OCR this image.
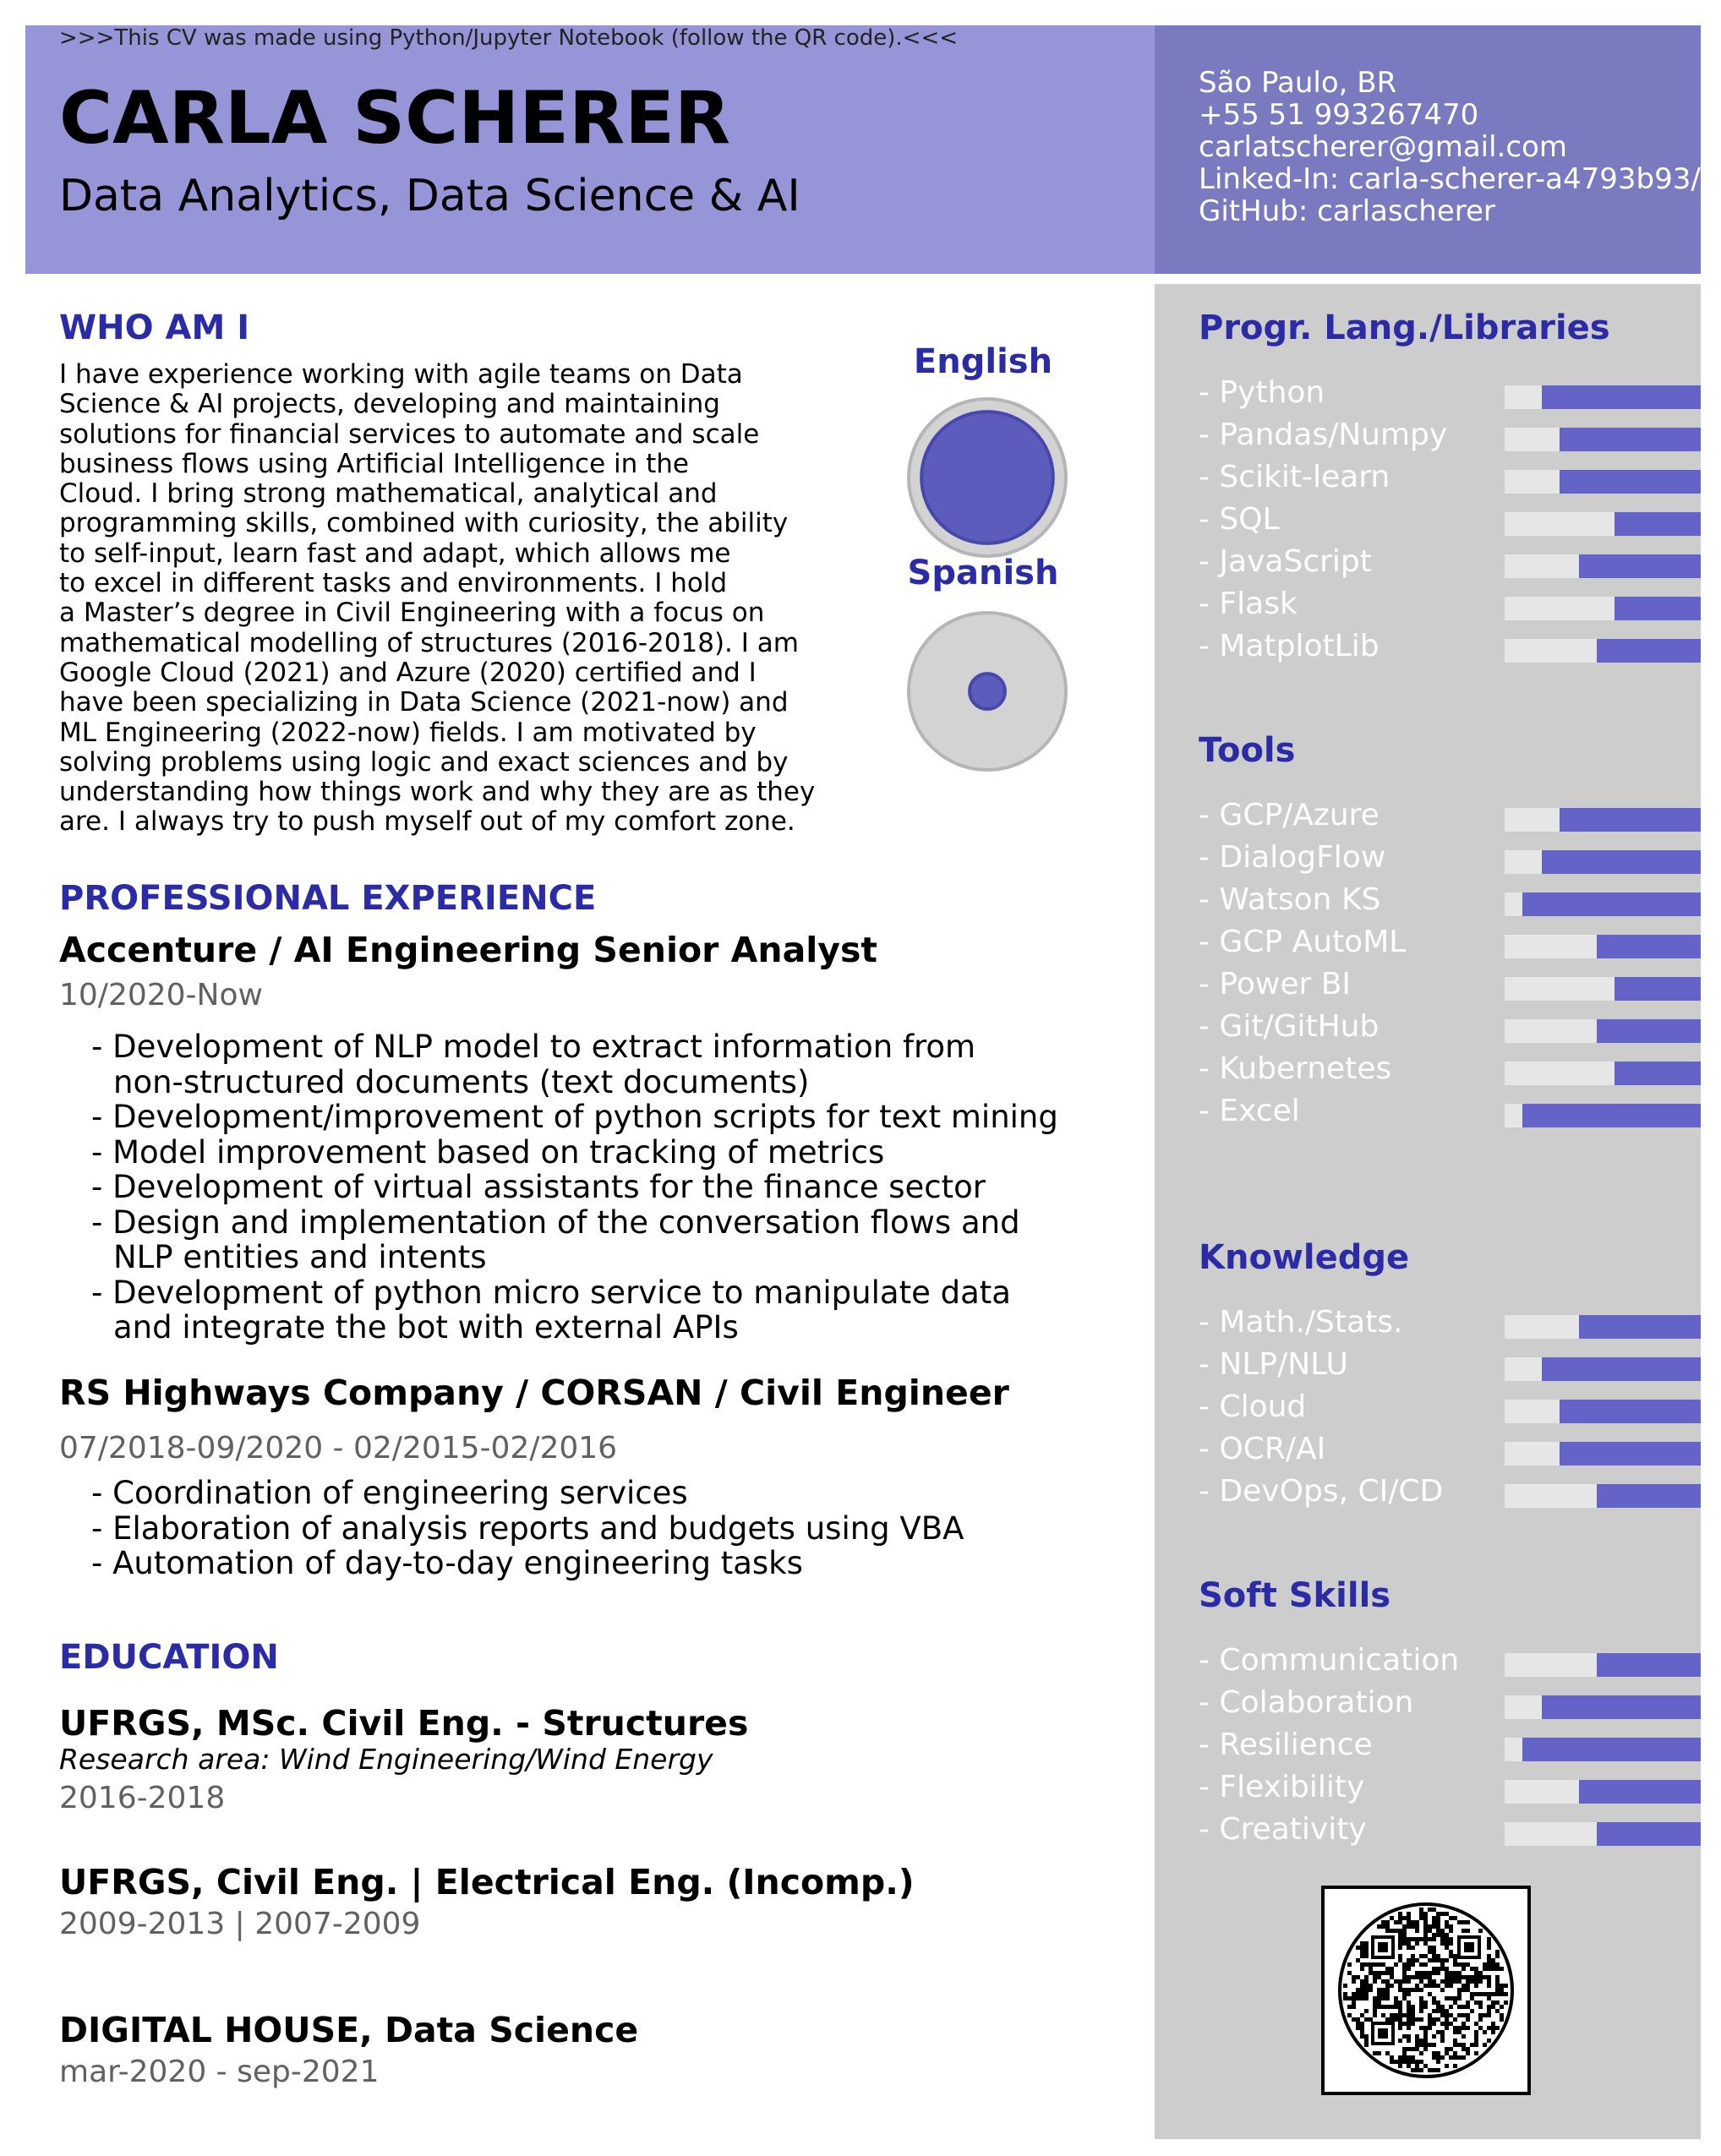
>>>This CV was made using Python/Jupyter Notebook (follow the QR code).<<<
CARLA SCHERER
Data Analytics, Data Science & AI
São Paulo, BR
+55 51 993267470
carlatscherer@gmail.com
Linked-In: carla-scherer-a4793b93/
GitHub: carlascherer
WHO AM I
I have experience working with agile teams on Data
Science & AI projects, developing and maintaining
solutions for financial services to automate and scale
business flows using Artificial Intelligence in the
Cloud. I bring strong mathematical, analytical and
programming skills, combined with curiosity, the ability
to self-input, learn fast and adapt, which allows me
to excel in different tasks and environments. I hold
a Master’s degree in Civil Engineering with a focus on
mathematical modelling of structures (2016-2018). I am
Google Cloud (2021) and Azure (2020) certified and I
have been specializing in Data Science (2021-now) and
ML Engineering (2022-now) fields. I am motivated by
solving problems using logic and exact sciences and by
understanding how things work and why they are as they
are. I always try to push myself out of my comfort zone.
English
Spanish
PROFESSIONAL EXPERIENCE
Accenture / AI Engineering Senior Analyst
10/2020-Now
- Development of NLP model to extract information from
non-structured documents (text documents)
- Development/improvement of python scripts for text mining
- Model improvement based on tracking of metrics
- Development of virtual assistants for the finance sector
- Design and implementation of the conversation flows and
NLP entities and intents
- Development of python micro service to manipulate data
and integrate the bot with external APIs
RS Highways Company / CORSAN / Civil Engineer
07/2018-09/2020 - 02/2015-02/2016
- Coordination of engineering services
- Elaboration of analysis reports and budgets using VBA
- Automation of day-to-day engineering tasks
EDUCATION
UFRGS, MSc. Civil Eng. - Structures
Research area: Wind Engineering/Wind Energy
2016-2018
UFRGS, Civil Eng. | Electrical Eng. (Incomp.)
2009-2013 | 2007-2009
DIGITAL HOUSE, Data Science
mar-2020 - sep-2021
Progr. Lang./Libraries
- Python
- Pandas/Numpy
- Scikit-learn
- SQL
- JavaScript
- Flask
- MatplotLib
Tools
- GCP/Azure
- DialogFlow
- Watson KS
- GCP AutoML
- Power BI
- Git/GitHub
- Kubernetes
- Excel
Knowledge
- Math./Stats.
- NLP/NLU
- Cloud
- OCR/AI
- DevOps, CI/CD
Soft Skills
- Communication
- Colaboration
- Resilience
- Flexibility
- Creativity
